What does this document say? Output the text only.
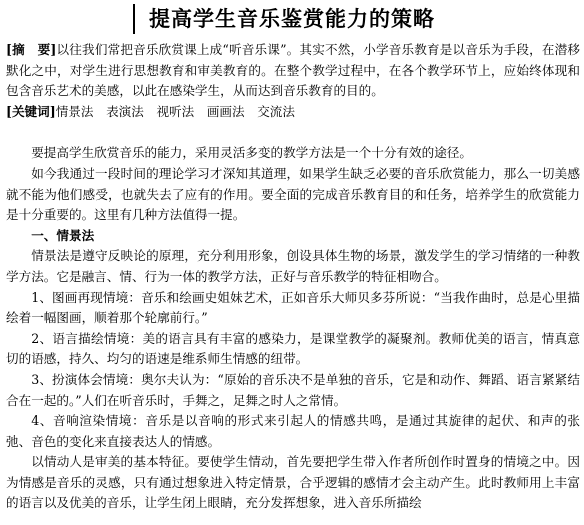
提高学生音乐鉴赏能力的策略

[摘　要]以往我们常把音乐欣赏课上成“听音乐课”。其实不然，小学音乐教育是以音乐为手段，在潜移默化之中，对学生进行思想教育和审美教育的。在整个教学过程中，在各个教学环节上，应始终体现和包含音乐艺术的美感，以此在感染学生，从而达到音乐教育的目的。

[关键词]情景法　表演法　视听法　画画法　交流法

要提高学生欣赏音乐的能力，采用灵活多变的教学方法是一个十分有效的途径。

如今我通过一段时间的理论学习才深知其道理，如果学生缺乏必要的音乐欣赏能力，那么一切美感就不能为他们感受，也就失去了应有的作用。要全面的完成音乐教育目的和任务，培养学生的欣赏能力是十分重要的。这里有几种方法值得一提。

一、情景法

情景法是遵守反映论的原理，充分利用形象，创设具体生物的场景，激发学生的学习情绪的一种教学方法。它是融言、情、行为一体的教学方法，正好与音乐教学的特征相吻合。

1、图画再现情境：音乐和绘画史姐妹艺术，正如音乐大师贝多芬所说：“当我作曲时，总是心里描绘着一幅图画，顺着那个轮廓前行。”

2、语言描绘情境：美的语言具有丰富的感染力，是课堂教学的凝聚剂。教师优美的语言，情真意切的语感，持久、均匀的语速是维系师生情感的纽带。

3、扮演体会情境：奥尔夫认为：“原始的音乐决不是单独的音乐，它是和动作、舞蹈、语言紧紧结合在一起的。”人们在听音乐时，手舞之，足舞之时人之常情。

4、音响渲染情境：音乐是以音响的形式来引起人的情感共鸣，是通过其旋律的起伏、和声的张弛、音色的变化来直接表达人的情感。

以情动人是审美的基本特征。要使学生情动，首先要把学生带入作者所创作时置身的情境之中。因为情感是音乐的灵感，只有通过想象进入特定情景，合乎逻辑的感情才会主动产生。此时教师用上丰富的语言以及优美的音乐，让学生闭上眼睛，充分发挥想象，进入音乐所描绘
